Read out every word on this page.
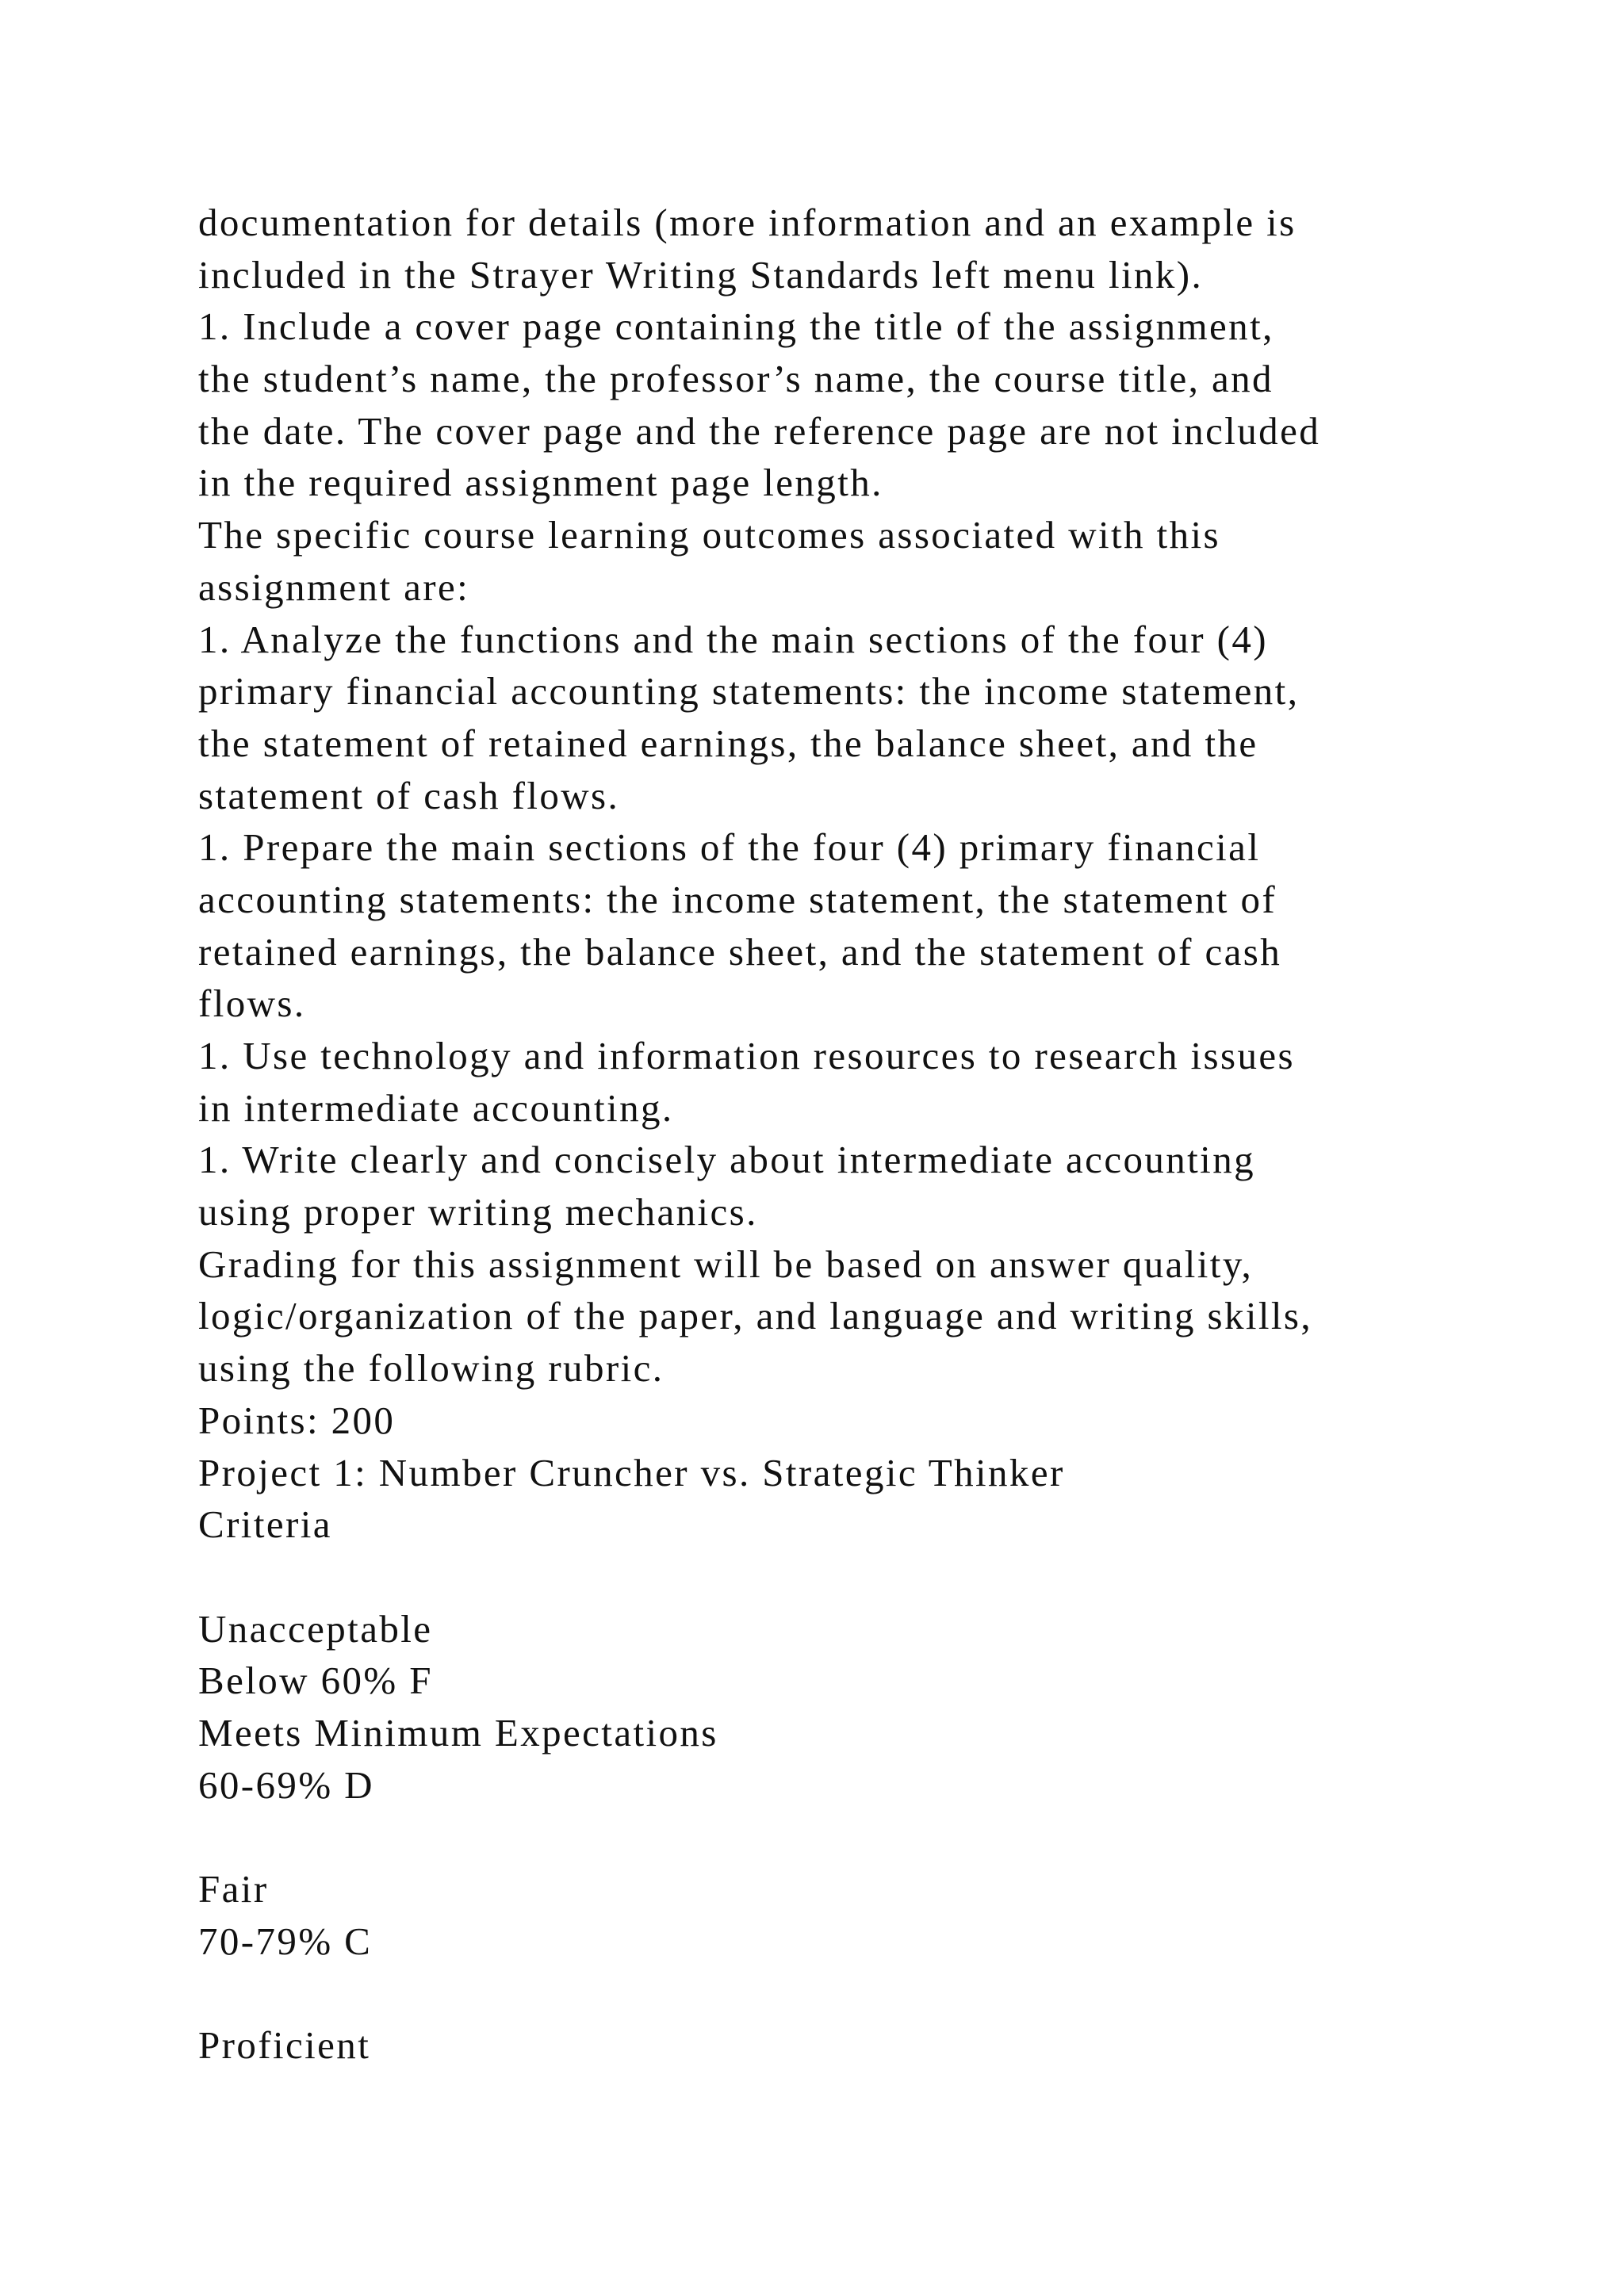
documentation for details (more information and an example is
included in the Strayer Writing Standards left menu link).
1. Include a cover page containing the title of the assignment,
the student’s name, the professor’s name, the course title, and
the date. The cover page and the reference page are not included
in the required assignment page length.
The specific course learning outcomes associated with this
assignment are:
1. Analyze the functions and the main sections of the four (4)
primary financial accounting statements: the income statement,
the statement of retained earnings, the balance sheet, and the
statement of cash flows.
1. Prepare the main sections of the four (4) primary financial
accounting statements: the income statement, the statement of
retained earnings, the balance sheet, and the statement of cash
flows.
1. Use technology and information resources to research issues
in intermediate accounting.
1. Write clearly and concisely about intermediate accounting
using proper writing mechanics.
Grading for this assignment will be based on answer quality,
logic/organization of the paper, and language and writing skills,
using the following rubric.
Points: 200
Project 1: Number Cruncher vs. Strategic Thinker
Criteria
Unacceptable
Below 60% F
Meets Minimum Expectations
60-69% D
Fair
70-79% C
Proficient
